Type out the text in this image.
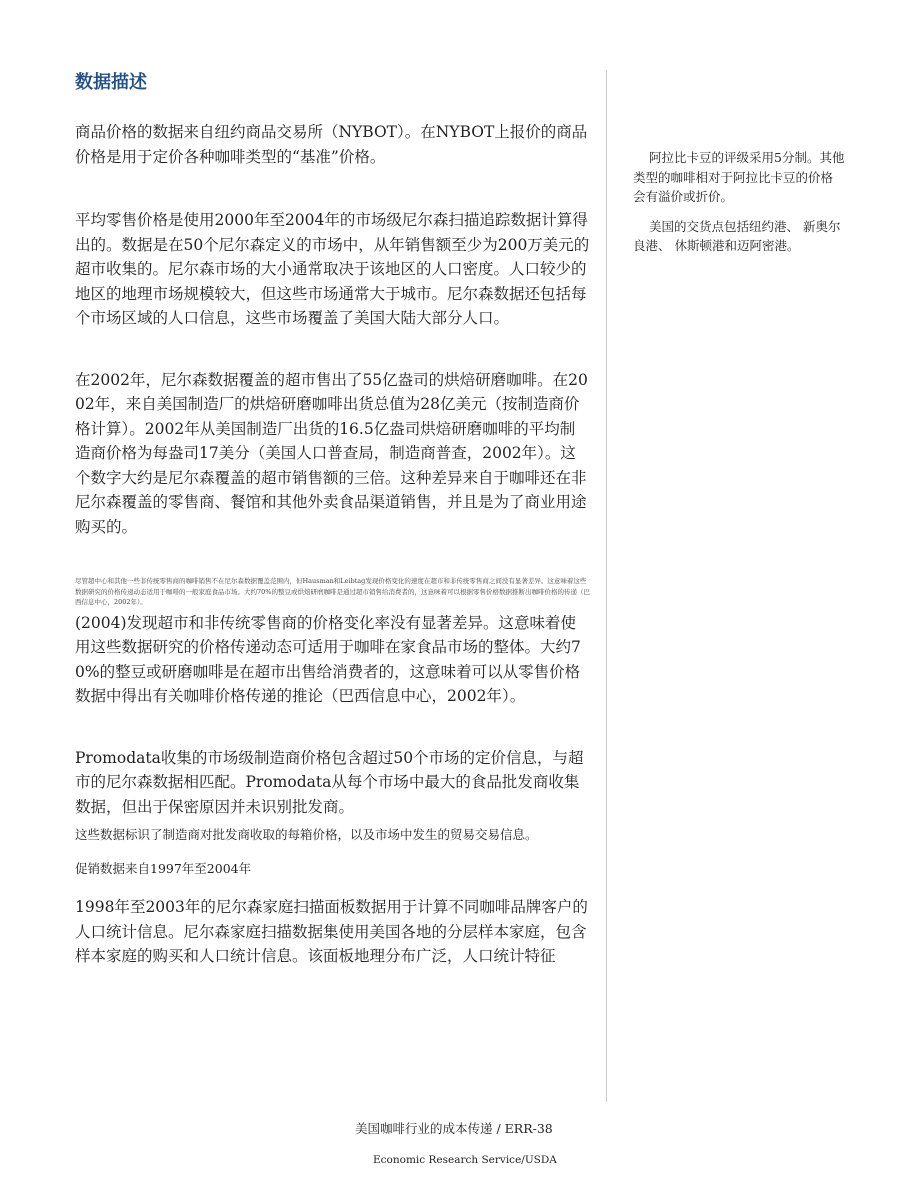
数据描述

商品价格的数据来自纽约商品交易所（NYBOT）。在NYBOT上报价的商品价格是用于定价各种咖啡类型的“基准”价格。

平均零售价格是使用2000年至2004年的市场级尼尔森扫描追踪数据计算得出的。数据是在50个尼尔森定义的市场中，从年销售额至少为200万美元的超市收集的。尼尔森市场的大小通常取决于该地区的人口密度。人口较少的地区的地理市场规模较大，但这些市场通常大于城市。尼尔森数据还包括每个市场区域的人口信息，这些市场覆盖了美国大陆大部分人口。

在2002年，尼尔森数据覆盖的超市售出了55亿盎司的烘焙研磨咖啡。在2002年，来自美国制造厂的烘焙研磨咖啡出货总值为28亿美元（按制造商价格计算）。2002年从美国制造厂出货的16.5亿盎司烘焙研磨咖啡的平均制造商价格为每盎司17美分（美国人口普查局，制造商普查，2002年）。这个数字大约是尼尔森覆盖的超市销售额的三倍。这种差异来自于咖啡还在非尼尔森覆盖的零售商、餐馆和其他外卖食品渠道销售，并且是为了商业用途购买的。

尽管超中心和其他一些非传统零售商的咖啡销售不在尼尔森数据覆盖范围内，但Hausman和Leibtag发现价格变化的速度在超市和非传统零售商之间没有显著差异。这意味着这些数据研究的价格传递动态适用于咖啡的一般家庭食品市场。大约70%的整豆或烘焙研磨咖啡是通过超市销售给消费者的，这意味着可以根据零售价格数据推断出咖啡价格的传递（巴西信息中心，2002年）。

(2004)发现超市和非传统零售商的价格变化率没有显著差异。这意味着使用这些数据研究的价格传递动态可适用于咖啡在家食品市场的整体。大约70%的整豆或研磨咖啡是在超市出售给消费者的，这意味着可以从零售价格数据中得出有关咖啡价格传递的推论（巴西信息中心，2002年）。

Promodata收集的市场级制造商价格包含超过50个市场的定价信息，与超市的尼尔森数据相匹配。Promodata从每个市场中最大的食品批发商收集数据，但出于保密原因并未识别批发商。

这些数据标识了制造商对批发商收取的每箱价格，以及市场中发生的贸易交易信息。

促销数据来自1997年至2004年

1998年至2003年的尼尔森家庭扫描面板数据用于计算不同咖啡品牌客户的人口统计信息。尼尔森家庭扫描数据集使用美国各地的分层样本家庭，包含样本家庭的购买和人口统计信息。该面板地理分布广泛，人口统计特征

阿拉比卡豆的评级采用5分制。其他类型的咖啡相对于阿拉比卡豆的价格会有溢价或折价。

美国的交货点包括纽约港、 新奥尔良港、 休斯顿港和迈阿密港。

美国咖啡行业的成本传递 / ERR-38

Economic Research Service/USDA
